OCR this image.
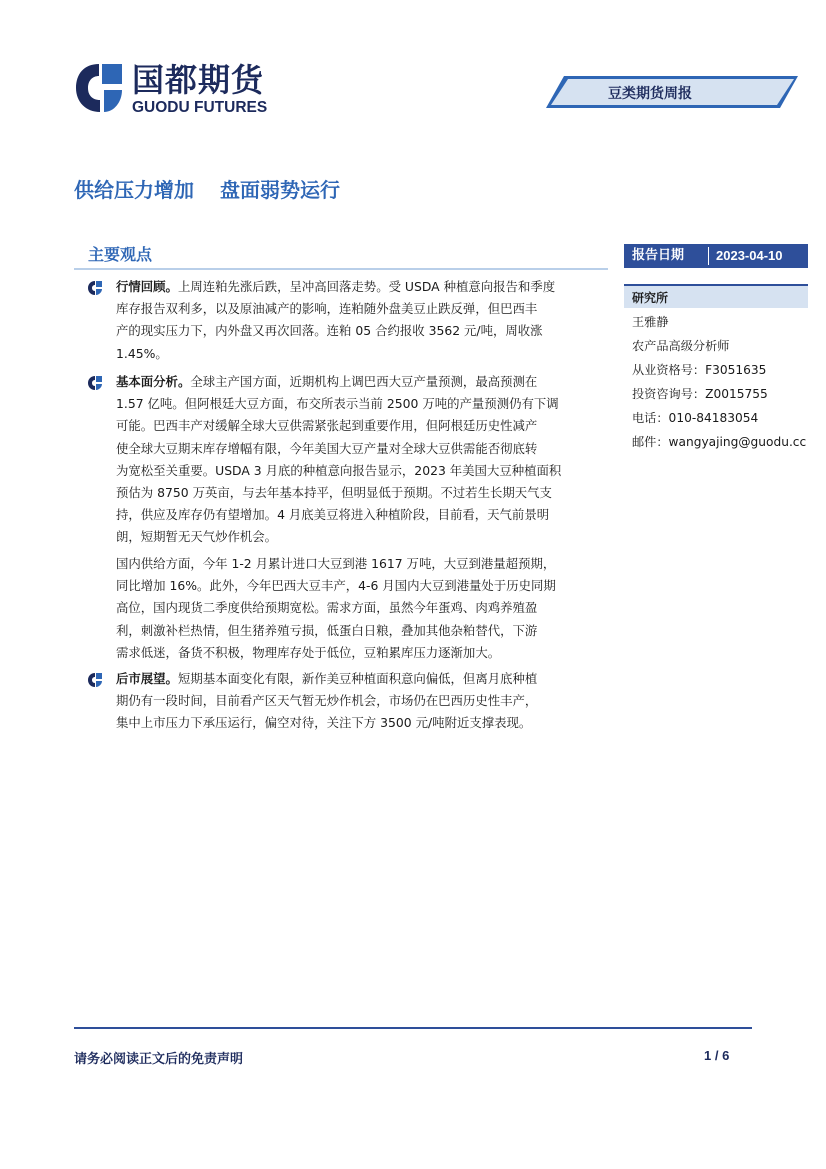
国都期货
GUODU FUTURES
豆类期货周报
供给压力增加 盘面弱势运行
主要观点
行情回顾。上周连粕先涨后跌，呈冲高回落走势。受 USDA 种植意向报告和季度
库存报告双利多，以及原油减产的影响，连粕随外盘美豆止跌反弹，但巴西丰
产的现实压力下，内外盘又再次回落。连粕 05 合约报收 3562 元/吨，周收涨
1.45%。
基本面分析。全球主产国方面，近期机构上调巴西大豆产量预测，最高预测在
1.57 亿吨。但阿根廷大豆方面，布交所表示当前 2500 万吨的产量预测仍有下调
可能。巴西丰产对缓解全球大豆供需紧张起到重要作用，但阿根廷历史性减产
使全球大豆期末库存增幅有限，今年美国大豆产量对全球大豆供需能否彻底转
为宽松至关重要。USDA 3 月底的种植意向报告显示，2023 年美国大豆种植面积
预估为 8750 万英亩，与去年基本持平，但明显低于预期。不过若生长期天气支
持，供应及库存仍有望增加。4 月底美豆将进入种植阶段，目前看，天气前景明
朗，短期暂无天气炒作机会。
国内供给方面，今年 1-2 月累计进口大豆到港 1617 万吨，大豆到港量超预期，
同比增加 16%。此外，今年巴西大豆丰产，4-6 月国内大豆到港量处于历史同期
高位，国内现货二季度供给预期宽松。需求方面，虽然今年蛋鸡、肉鸡养殖盈
利，刺激补栏热情，但生猪养殖亏损，低蛋白日粮，叠加其他杂粕替代，下游
需求低迷，备货不积极，物理库存处于低位，豆粕累库压力逐渐加大。
后市展望。短期基本面变化有限，新作美豆种植面积意向偏低，但离月底种植
期仍有一段时间，目前看产区天气暂无炒作机会，市场仍在巴西历史性丰产，
集中上市压力下承压运行，偏空对待，关注下方 3500 元/吨附近支撑表现。
报告日期 2023-04-10
研究所
王雅静
农产品高级分析师
从业资格号：F3051635
投资咨询号：Z0015755
电话：010-84183054
邮件：wangyajing@guodu.cc
请务必阅读正文后的免责声明	1 / 6
